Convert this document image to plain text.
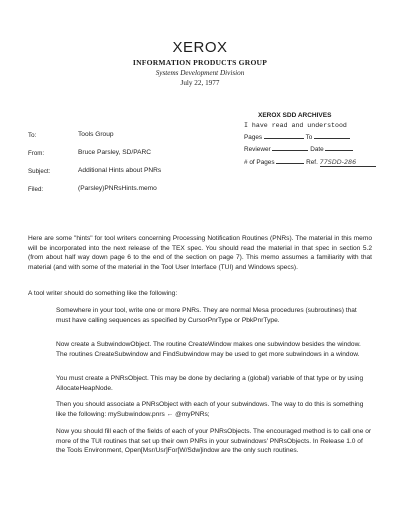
XEROX
INFORMATION PRODUCTS GROUP
Systems Development Division
July 22, 1977
XEROX SDD ARCHIVES
I have read and understood
Pages	To
Reviewer	Date
# of Pages	Ref. 77SDD-286
To:	Tools Group
From:	Bruce Parsley, SD/PARC
Subject:	Additional Hints about PNRs
Filed:	(Parsley)PNRsHints.memo
Here are some "hints" for tool writers concerning Processing Notification Routines (PNRs). The material in this memo will be incorporated into the next release of the TEX spec. You should read the material in that spec in section 5.2 (from about half way down page 6 to the end of the section on page 7). This memo assumes a familiarity with that material (and with some of the material in the Tool User Interface (TUI) and Windows specs).
A tool writer should do something like the following:
Somewhere in your tool, write one or more PNRs. They are normal Mesa procedures (subroutines) that must have calling sequences as specified by CursorPnrType or PbkPnrType.
Now create a SubwindowObject. The routine CreateWindow makes one subwindow besides the window. The routines CreateSubwindow and FindSubwindow may be used to get more subwindows in a window.
You must create a PNRsObject. This may be done by declaring a (global) variable of that type or by using AllocateHeapNode.
Then you should associate a PNRsObject with each of your subwindows. The way to do this is something like the following: mySubwindow.pnrs ← @myPNRs;
Now you should fill each of the fields of each of your PNRsObjects. The encouraged method is to call one or more of the TUI routines that set up their own PNRs in your subwindows' PNRsObjects. In Release 1.0 of the Tools Environment, Open[Msr/Usr]For[W/Sdw]indow are the only such routines.
